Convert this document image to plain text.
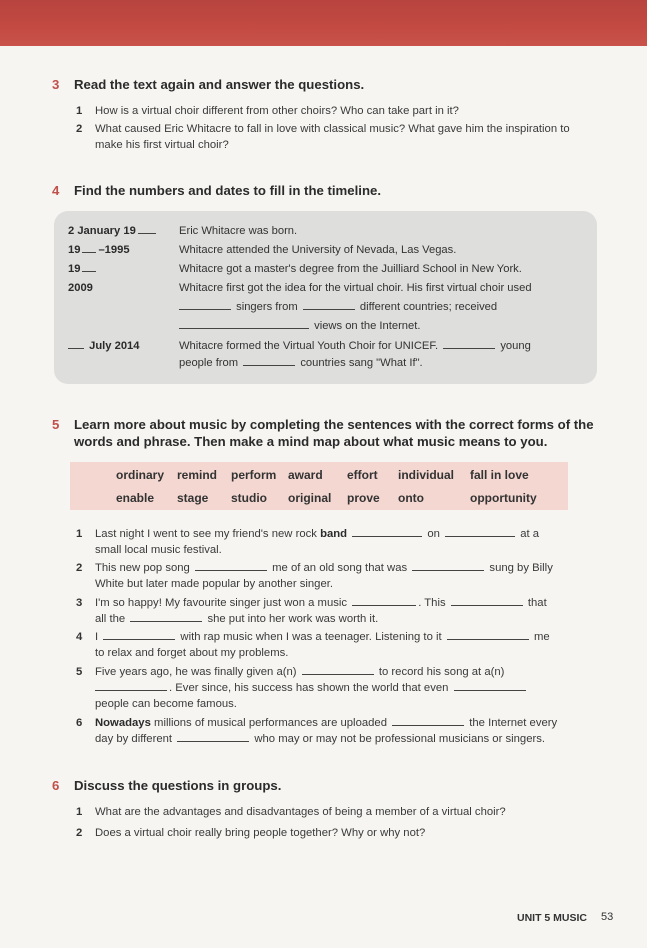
3 Read the text again and answer the questions.
1 How is a virtual choir different from other choirs? Who can take part in it?
2 What caused Eric Whitacre to fall in love with classical music? What gave him the inspiration to make his first virtual choir?
4 Find the numbers and dates to fill in the timeline.
2 January 19	Eric Whitacre was born.
19 –1995	Whitacre attended the University of Nevada, Las Vegas.
19	Whitacre got a master's degree from the Juilliard School in New York.
2009	Whitacre first got the idea for the virtual choir. His first virtual choir used
singers from	different countries; received
views on the Internet.
July 2014	Whitacre formed the Virtual Youth Choir for UNICEF.	young
people from	countries sang "What If".
5 Learn more about music by completing the sentences with the correct forms of the words and phrase. Then make a mind map about what music means to you.
ordinary remind perform award effort individual fall in love
enable stage studio original prove onto	opportunity
1 Last night I went to see my friend's new rock band	on	at a
small local music festival.
2 This new pop song	me of an old song that was	sung by Billy
White but later made popular by another singer.
3 I'm so happy! My favourite singer just won a music	. This	that
all the	she put into her work was worth it.
4 I	with rap music when I was a teenager. Listening to it	me
to relax and forget about my problems.
5 Five years ago, he was finally given a(n)	to record his song at a(n)
. Ever since, his success has shown the world that even
people can become famous.
6 Nowadays millions of musical performances are uploaded	the Internet every
day by different	who may or may not be professional musicians or singers.
6 Discuss the questions in groups.
1 What are the advantages and disadvantages of being a member of a virtual choir?
2 Does a virtual choir really bring people together? Why or why not?
UNIT 5 MUSIC 53
